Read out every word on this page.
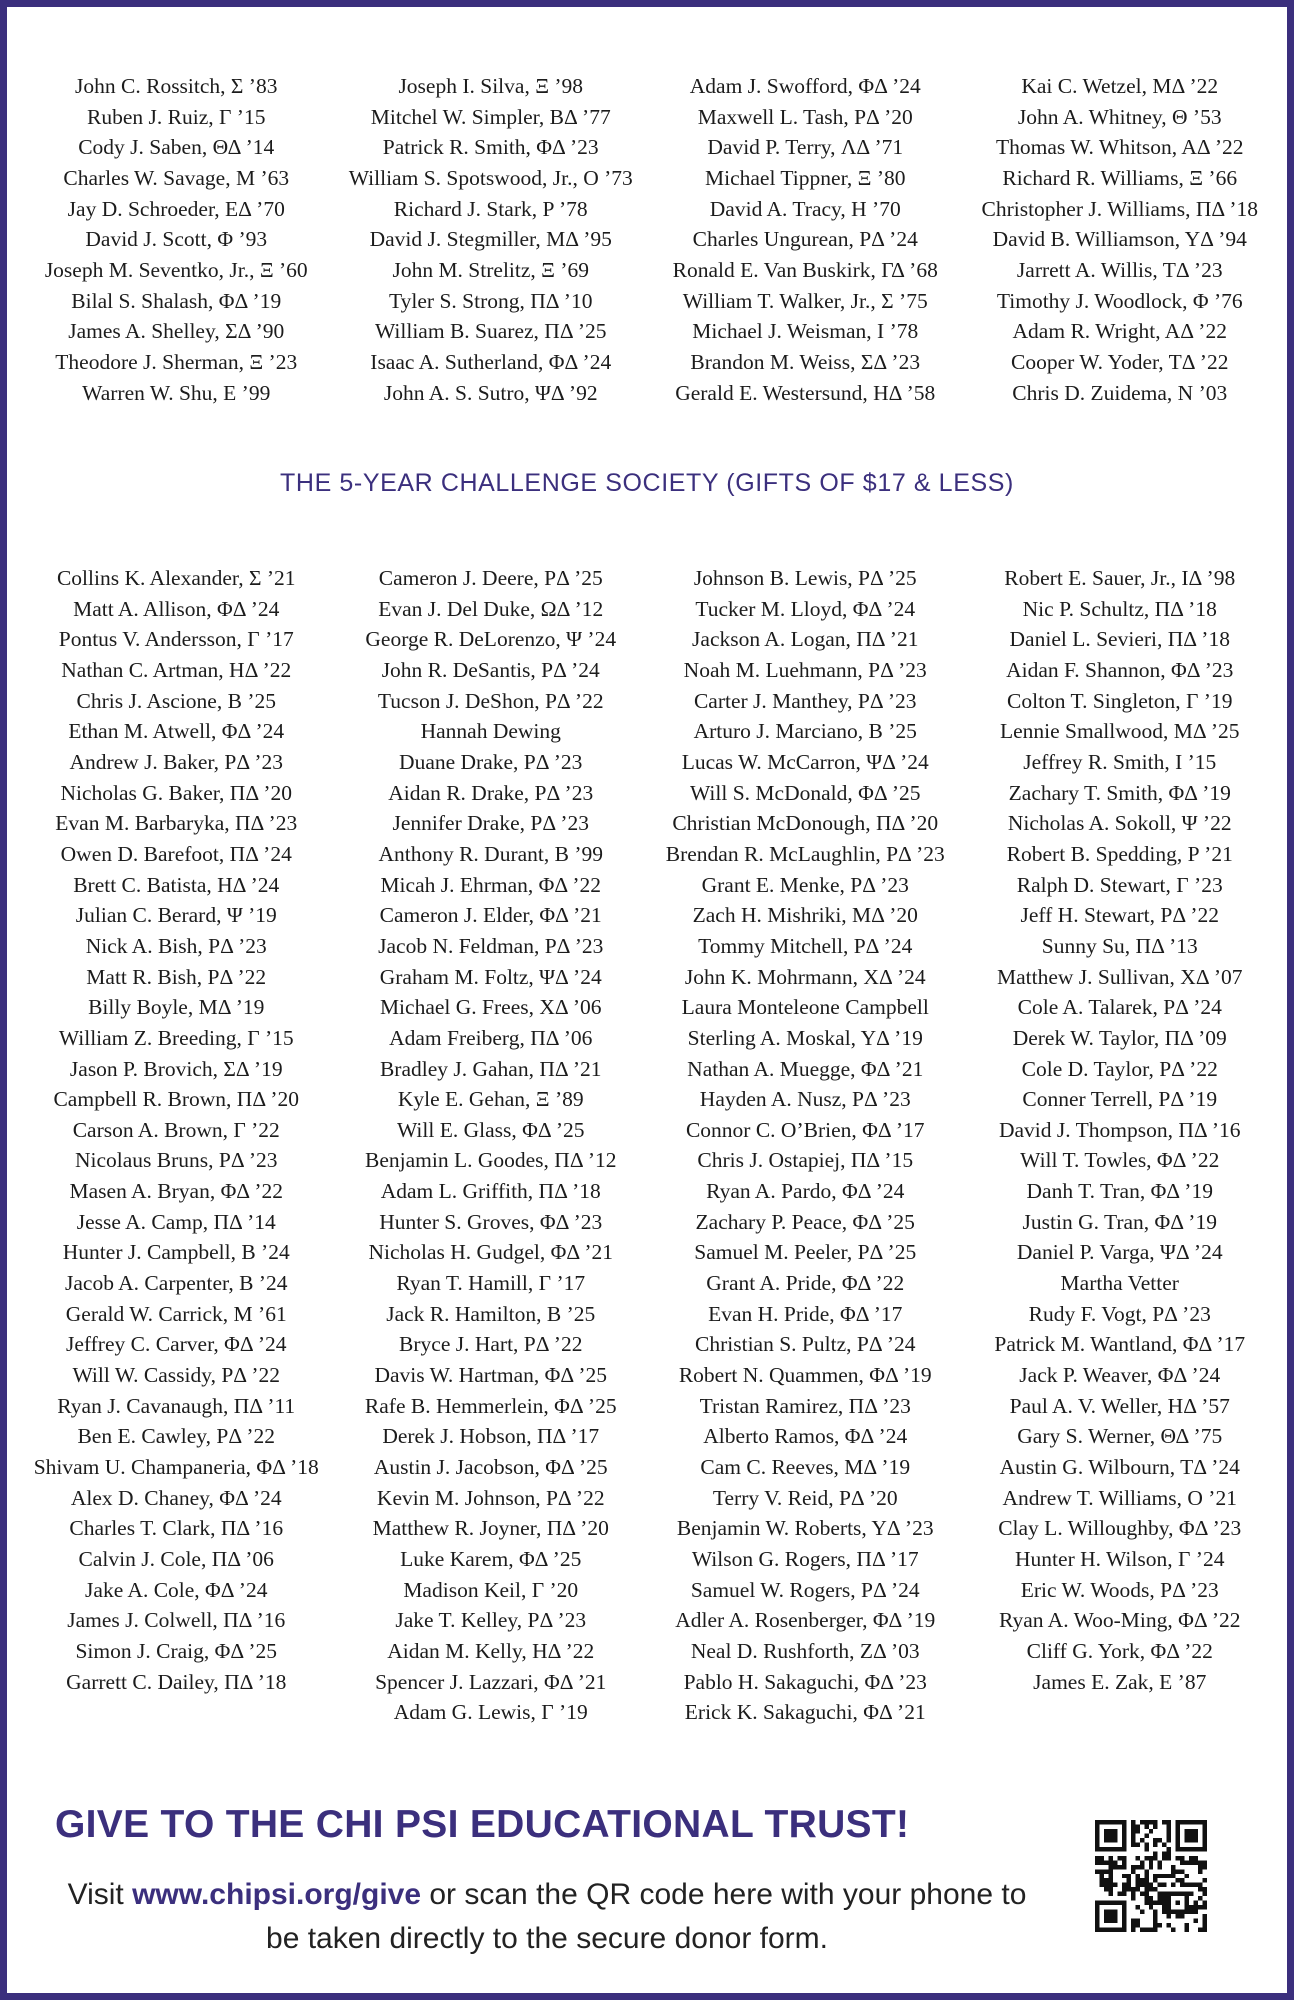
John C. Rossitch, Σ ’83
Ruben J. Ruiz, Γ ’15
Cody J. Saben, ΘΔ ’14
Charles W. Savage, M ’63
Jay D. Schroeder, EΔ ’70
David J. Scott, Φ ’93
Joseph M. Seventko, Jr., Ξ ’60
Bilal S. Shalash, ΦΔ ’19
James A. Shelley, ΣΔ ’90
Theodore J. Sherman, Ξ ’23
Warren W. Shu, E ’99
Joseph I. Silva, Ξ ’98
Mitchel W. Simpler, BΔ ’77
Patrick R. Smith, ΦΔ ’23
William S. Spotswood, Jr., O ’73
Richard J. Stark, P ’78
David J. Stegmiller, MΔ ’95
John M. Strelitz, Ξ ’69
Tyler S. Strong, ΠΔ ’10
William B. Suarez, ΠΔ ’25
Isaac A. Sutherland, ΦΔ ’24
John A. S. Sutro, ΨΔ ’92
Adam J. Swofford, ΦΔ ’24
Maxwell L. Tash, PΔ ’20
David P. Terry, ΛΔ ’71
Michael Tippner, Ξ ’80
David A. Tracy, H ’70
Charles Ungurean, PΔ ’24
Ronald E. Van Buskirk, ΓΔ ’68
William T. Walker, Jr., Σ ’75
Michael J. Weisman, I ’78
Brandon M. Weiss, ΣΔ ’23
Gerald E. Westersund, HΔ ’58
Kai C. Wetzel, MΔ ’22
John A. Whitney, Θ ’53
Thomas W. Whitson, AΔ ’22
Richard R. Williams, Ξ ’66
Christopher J. Williams, ΠΔ ’18
David B. Williamson, YΔ ’94
Jarrett A. Willis, TΔ ’23
Timothy J. Woodlock, Φ ’76
Adam R. Wright, AΔ ’22
Cooper W. Yoder, TΔ ’22
Chris D. Zuidema, N ’03
THE 5-YEAR CHALLENGE SOCIETY (GIFTS OF $17 & LESS)
Collins K. Alexander, Σ ’21
Matt A. Allison, ΦΔ ’24
Pontus V. Andersson, Γ ’17
Nathan C. Artman, HΔ ’22
Chris J. Ascione, B ’25
Ethan M. Atwell, ΦΔ ’24
Andrew J. Baker, PΔ ’23
Nicholas G. Baker, ΠΔ ’20
Evan M. Barbaryka, ΠΔ ’23
Owen D. Barefoot, ΠΔ ’24
Brett C. Batista, HΔ ’24
Julian C. Berard, Ψ ’19
Nick A. Bish, PΔ ’23
Matt R. Bish, PΔ ’22
Billy Boyle, MΔ ’19
William Z. Breeding, Γ ’15
Jason P. Brovich, ΣΔ ’19
Campbell R. Brown, ΠΔ ’20
Carson A. Brown, Γ ’22
Nicolaus Bruns, PΔ ’23
Masen A. Bryan, ΦΔ ’22
Jesse A. Camp, ΠΔ ’14
Hunter J. Campbell, B ’24
Jacob A. Carpenter, B ’24
Gerald W. Carrick, M ’61
Jeffrey C. Carver, ΦΔ ’24
Will W. Cassidy, PΔ ’22
Ryan J. Cavanaugh, ΠΔ ’11
Ben E. Cawley, PΔ ’22
Shivam U. Champaneria, ΦΔ ’18
Alex D. Chaney, ΦΔ ’24
Charles T. Clark, ΠΔ ’16
Calvin J. Cole, ΠΔ ’06
Jake A. Cole, ΦΔ ’24
James J. Colwell, ΠΔ ’16
Simon J. Craig, ΦΔ ’25
Garrett C. Dailey, ΠΔ ’18
Cameron J. Deere, PΔ ’25
Evan J. Del Duke, ΩΔ ’12
George R. DeLorenzo, Ψ ’24
John R. DeSantis, PΔ ’24
Tucson J. DeShon, PΔ ’22
Hannah Dewing
Duane Drake, PΔ ’23
Aidan R. Drake, PΔ ’23
Jennifer Drake, PΔ ’23
Anthony R. Durant, B ’99
Micah J. Ehrman, ΦΔ ’22
Cameron J. Elder, ΦΔ ’21
Jacob N. Feldman, PΔ ’23
Graham M. Foltz, ΨΔ ’24
Michael G. Frees, XΔ ’06
Adam Freiberg, ΠΔ ’06
Bradley J. Gahan, ΠΔ ’21
Kyle E. Gehan, Ξ ’89
Will E. Glass, ΦΔ ’25
Benjamin L. Goodes, ΠΔ ’12
Adam L. Griffith, ΠΔ ’18
Hunter S. Groves, ΦΔ ’23
Nicholas H. Gudgel, ΦΔ ’21
Ryan T. Hamill, Γ ’17
Jack R. Hamilton, B ’25
Bryce J. Hart, PΔ ’22
Davis W. Hartman, ΦΔ ’25
Rafe B. Hemmerlein, ΦΔ ’25
Derek J. Hobson, ΠΔ ’17
Austin J. Jacobson, ΦΔ ’25
Kevin M. Johnson, PΔ ’22
Matthew R. Joyner, ΠΔ ’20
Luke Karem, ΦΔ ’25
Madison Keil, Γ ’20
Jake T. Kelley, PΔ ’23
Aidan M. Kelly, HΔ ’22
Spencer J. Lazzari, ΦΔ ’21
Adam G. Lewis, Γ ’19
Johnson B. Lewis, PΔ ’25
Tucker M. Lloyd, ΦΔ ’24
Jackson A. Logan, ΠΔ ’21
Noah M. Luehmann, PΔ ’23
Carter J. Manthey, PΔ ’23
Arturo J. Marciano, B ’25
Lucas W. McCarron, ΨΔ ’24
Will S. McDonald, ΦΔ ’25
Christian McDonough, ΠΔ ’20
Brendan R. McLaughlin, PΔ ’23
Grant E. Menke, PΔ ’23
Zach H. Mishriki, MΔ ’20
Tommy Mitchell, PΔ ’24
John K. Mohrmann, XΔ ’24
Laura Monteleone Campbell
Sterling A. Moskal, YΔ ’19
Nathan A. Muegge, ΦΔ ’21
Hayden A. Nusz, PΔ ’23
Connor C. O’Brien, ΦΔ ’17
Chris J. Ostapiej, ΠΔ ’15
Ryan A. Pardo, ΦΔ ’24
Zachary P. Peace, ΦΔ ’25
Samuel M. Peeler, PΔ ’25
Grant A. Pride, ΦΔ ’22
Evan H. Pride, ΦΔ ’17
Christian S. Pultz, PΔ ’24
Robert N. Quammen, ΦΔ ’19
Tristan Ramirez, ΠΔ ’23
Alberto Ramos, ΦΔ ’24
Cam C. Reeves, MΔ ’19
Terry V. Reid, PΔ ’20
Benjamin W. Roberts, YΔ ’23
Wilson G. Rogers, ΠΔ ’17
Samuel W. Rogers, PΔ ’24
Adler A. Rosenberger, ΦΔ ’19
Neal D. Rushforth, ZΔ ’03
Pablo H. Sakaguchi, ΦΔ ’23
Erick K. Sakaguchi, ΦΔ ’21
Robert E. Sauer, Jr., IΔ ’98
Nic P. Schultz, ΠΔ ’18
Daniel L. Sevieri, ΠΔ ’18
Aidan F. Shannon, ΦΔ ’23
Colton T. Singleton, Γ ’19
Lennie Smallwood, MΔ ’25
Jeffrey R. Smith, I ’15
Zachary T. Smith, ΦΔ ’19
Nicholas A. Sokoll, Ψ ’22
Robert B. Spedding, P ’21
Ralph D. Stewart, Γ ’23
Jeff H. Stewart, PΔ ’22
Sunny Su, ΠΔ ’13
Matthew J. Sullivan, XΔ ’07
Cole A. Talarek, PΔ ’24
Derek W. Taylor, ΠΔ ’09
Cole D. Taylor, PΔ ’22
Conner Terrell, PΔ ’19
David J. Thompson, ΠΔ ’16
Will T. Towles, ΦΔ ’22
Danh T. Tran, ΦΔ ’19
Justin G. Tran, ΦΔ ’19
Daniel P. Varga, ΨΔ ’24
Martha Vetter
Rudy F. Vogt, PΔ ’23
Patrick M. Wantland, ΦΔ ’17
Jack P. Weaver, ΦΔ ’24
Paul A. V. Weller, HΔ ’57
Gary S. Werner, ΘΔ ’75
Austin G. Wilbourn, TΔ ’24
Andrew T. Williams, O ’21
Clay L. Willoughby, ΦΔ ’23
Hunter H. Wilson, Γ ’24
Eric W. Woods, PΔ ’23
Ryan A. Woo-Ming, ΦΔ ’22
Cliff G. York, ΦΔ ’22
James E. Zak, E ’87
GIVE TO THE CHI PSI EDUCATIONAL TRUST!
Visit www.chipsi.org/give or scan the QR code here with your phone to be taken directly to the secure donor form.
